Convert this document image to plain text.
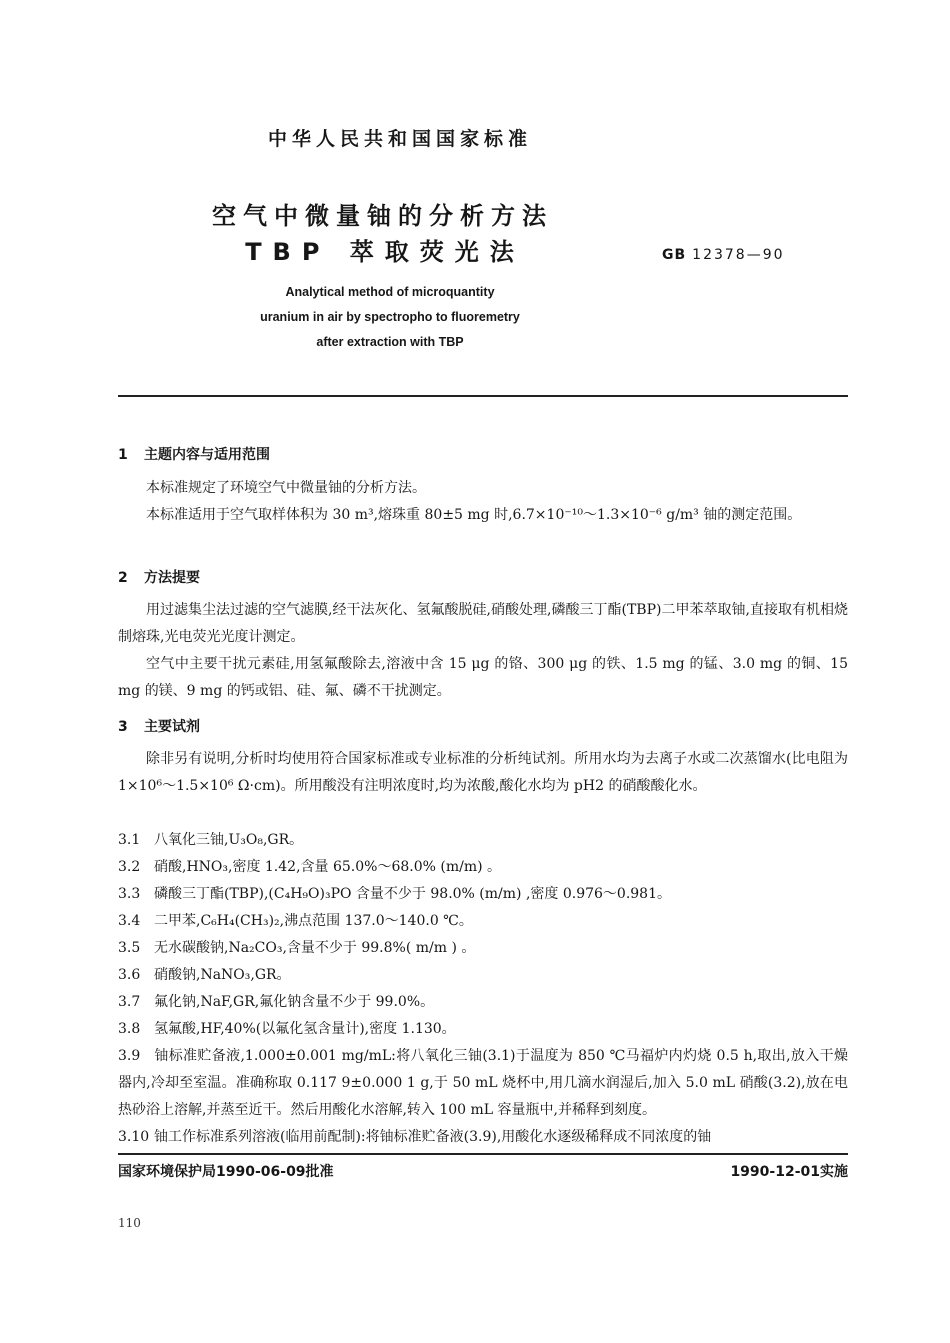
中华人民共和国国家标准
空气中微量铀的分析方法
TBP 萃取荧光法	GB 12378—90
Analytical method of microquantity
uranium in air by spectropho to fluoremetry
after extraction with TBP
1 主题内容与适用范围

本标准规定了环境空气中微量铀的分析方法。

本标准适用于空气取样体积为 30 m³,熔珠重 80±5 mg 时,6.7×10⁻¹⁰～1.3×10⁻⁶ g/m³ 铀的测定范围。

2 方法提要

用过滤集尘法过滤的空气滤膜,经干法灰化、氢氟酸脱硅,硝酸处理,磷酸三丁酯(TBP)二甲苯萃取铀,直接取有机相烧制熔珠,光电荧光光度计测定。

空气中主要干扰元素硅,用氢氟酸除去,溶液中含 15 μg 的铬、300 μg 的铁、1.5 mg 的锰、3.0 mg 的铜、15 mg 的镁、9 mg 的钙或铝、硅、氟、磷不干扰测定。

3 主要试剂

除非另有说明,分析时均使用符合国家标准或专业标准的分析纯试剂。所用水均为去离子水或二次蒸馏水(比电阻为 1×10⁶～1.5×10⁶ Ω·cm)。所用酸没有注明浓度时,均为浓酸,酸化水均为 pH2 的硝酸酸化水。

3.1 八氧化三铀,U₃O₈,GR。
3.2 硝酸,HNO₃,密度 1.42,含量 65.0%～68.0% (m/m) 。
3.3 磷酸三丁酯(TBP),(C₄H₉O)₃PO 含量不少于 98.0% (m/m) ,密度 0.976～0.981。
3.4 二甲苯,C₆H₄(CH₃)₂,沸点范围 137.0～140.0 ℃。
3.5 无水碳酸钠,Na₂CO₃,含量不少于 99.8%( m/m ) 。
3.6 硝酸钠,NaNO₃,GR。
3.7 氟化钠,NaF,GR,氟化钠含量不少于 99.0%。
3.8 氢氟酸,HF,40%(以氟化氢含量计),密度 1.130。
3.9 铀标准贮备液,1.000±0.001 mg/mL:将八氧化三铀(3.1)于温度为 850 ℃马福炉内灼烧 0.5 h,取出,放入干燥器内,冷却至室温。准确称取 0.117 9±0.000 1 g,于 50 mL 烧杯中,用几滴水润湿后,加入 5.0 mL 硝酸(3.2),放在电热砂浴上溶解,并蒸至近干。然后用酸化水溶解,转入 100 mL 容量瓶中,并稀释到刻度。
3.10 铀工作标准系列溶液(临用前配制):将铀标准贮备液(3.9),用酸化水逐级稀释成不同浓度的铀
国家环境保护局1990-06-09批准	1990-12-01实施
110
